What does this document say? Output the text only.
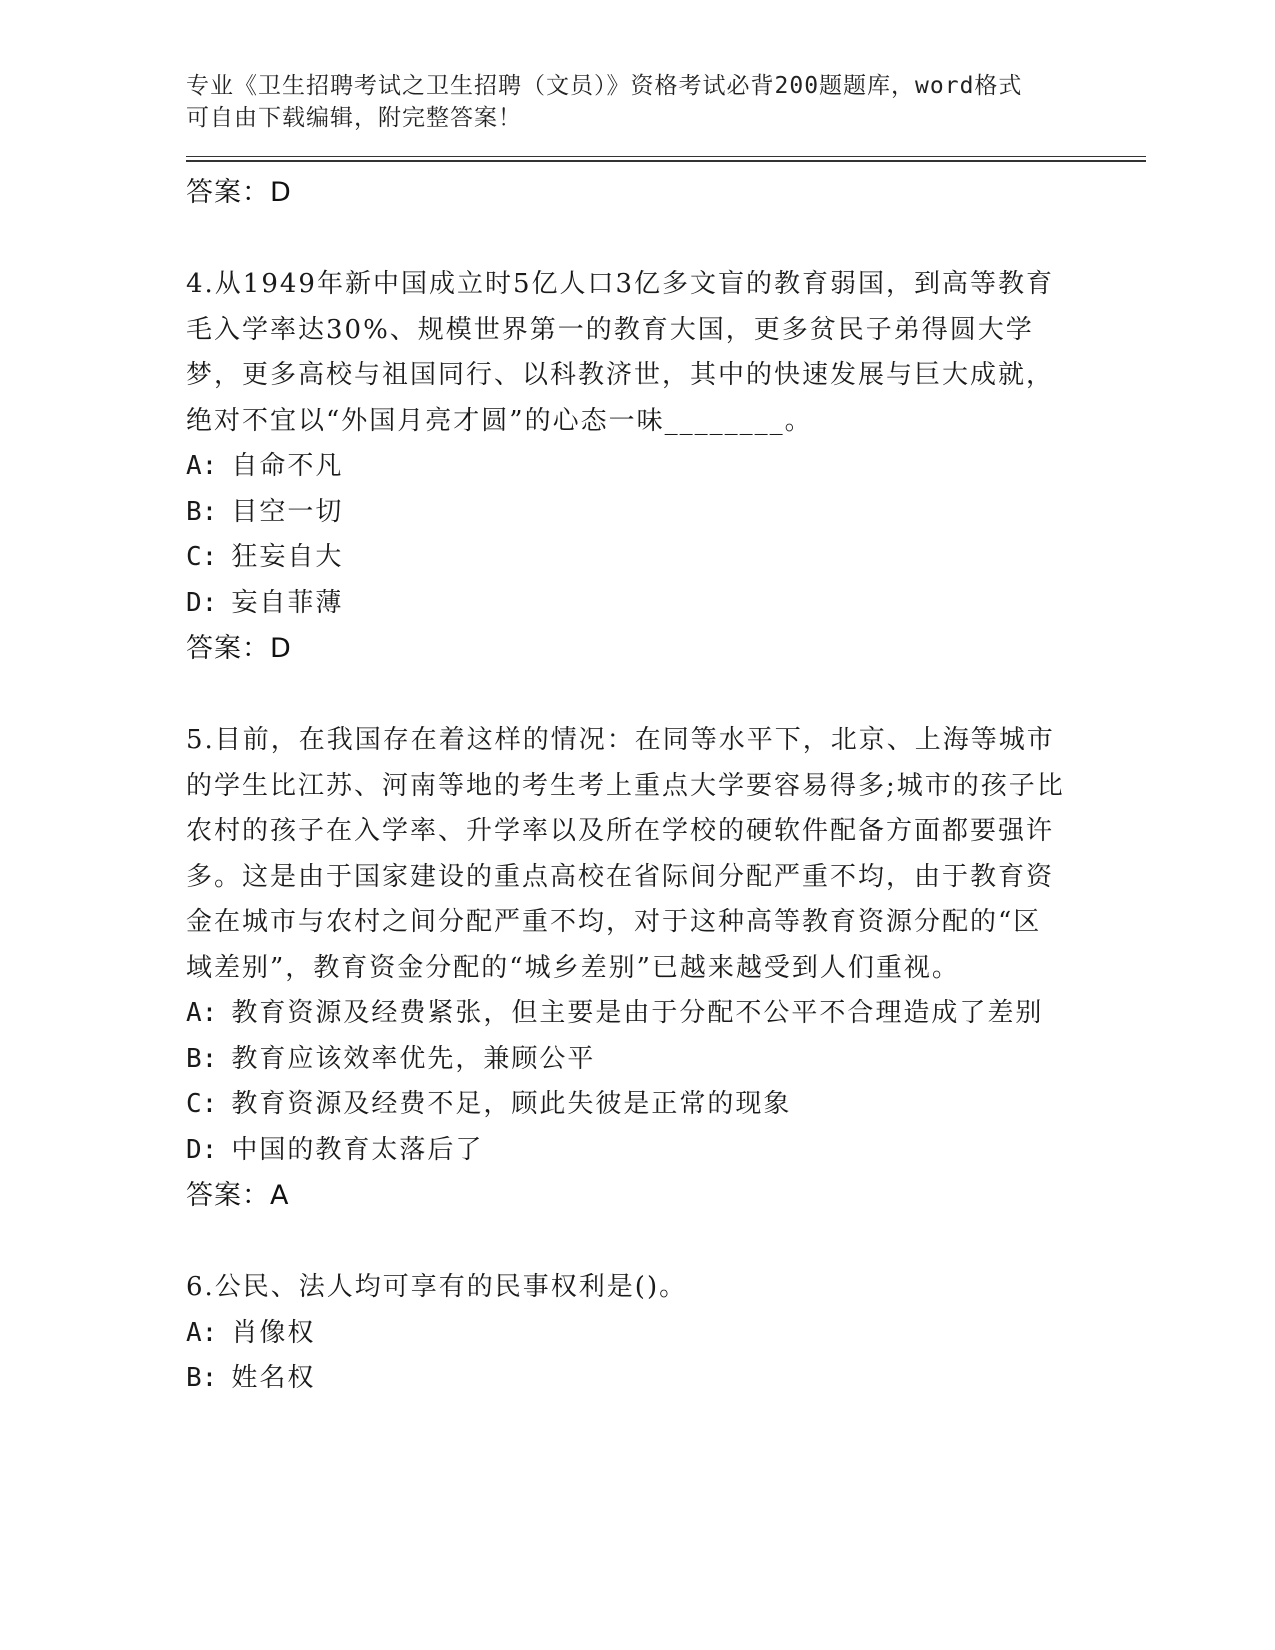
专业《卫生招聘考试之卫生招聘（文员）》资格考试必背200题题库，word格式
可自由下载编辑，附完整答案！
答案：D
4.从1949年新中国成立时5亿人口3亿多文盲的教育弱国，到高等教育毛入学率达30%、规模世界第一的教育大国，更多贫民子弟得圆大学梦，更多高校与祖国同行、以科教济世，其中的快速发展与巨大成就，绝对不宜以“外国月亮才圆”的心态一味________。
A: 自命不凡
B: 目空一切
C: 狂妄自大
D: 妄自菲薄
答案：D
5.目前，在我国存在着这样的情况：在同等水平下，北京、上海等城市的学生比江苏、河南等地的考生考上重点大学要容易得多;城市的孩子比农村的孩子在入学率、升学率以及所在学校的硬软件配备方面都要强许多。这是由于国家建设的重点高校在省际间分配严重不均，由于教育资金在城市与农村之间分配严重不均，对于这种高等教育资源分配的“区域差别”，教育资金分配的“城乡差别”已越来越受到人们重视。
A: 教育资源及经费紧张，但主要是由于分配不公平不合理造成了差别
B: 教育应该效率优先，兼顾公平
C: 教育资源及经费不足，顾此失彼是正常的现象
D: 中国的教育太落后了
答案：A
6.公民、法人均可享有的民事权利是()。
A: 肖像权
B: 姓名权
